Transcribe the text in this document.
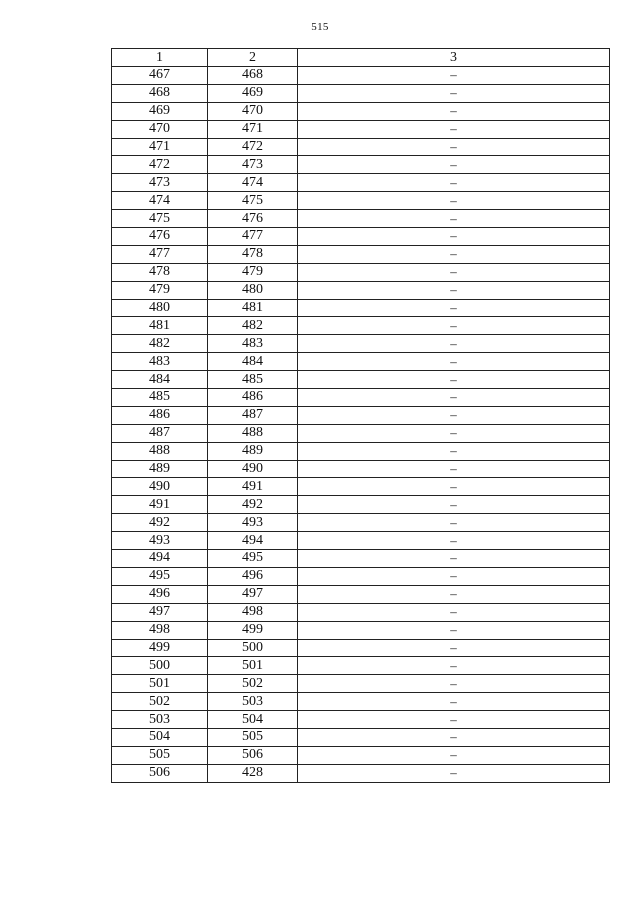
515
1	2	3
467	468	–
468	469	–
469	470	–
470	471	–
471	472	–
472	473	–
473	474	–
474	475	–
475	476	–
476	477	–
477	478	–
478	479	–
479	480	–
480	481	–
481	482	–
482	483	–
483	484	–
484	485	–
485	486	–
486	487	–
487	488	–
488	489	–
489	490	–
490	491	–
491	492	–
492	493	–
493	494	–
494	495	–
495	496	–
496	497	–
497	498	–
498	499	–
499	500	–
500	501	–
501	502	–
502	503	–
503	504	–
504	505	–
505	506	–
506	428	–
